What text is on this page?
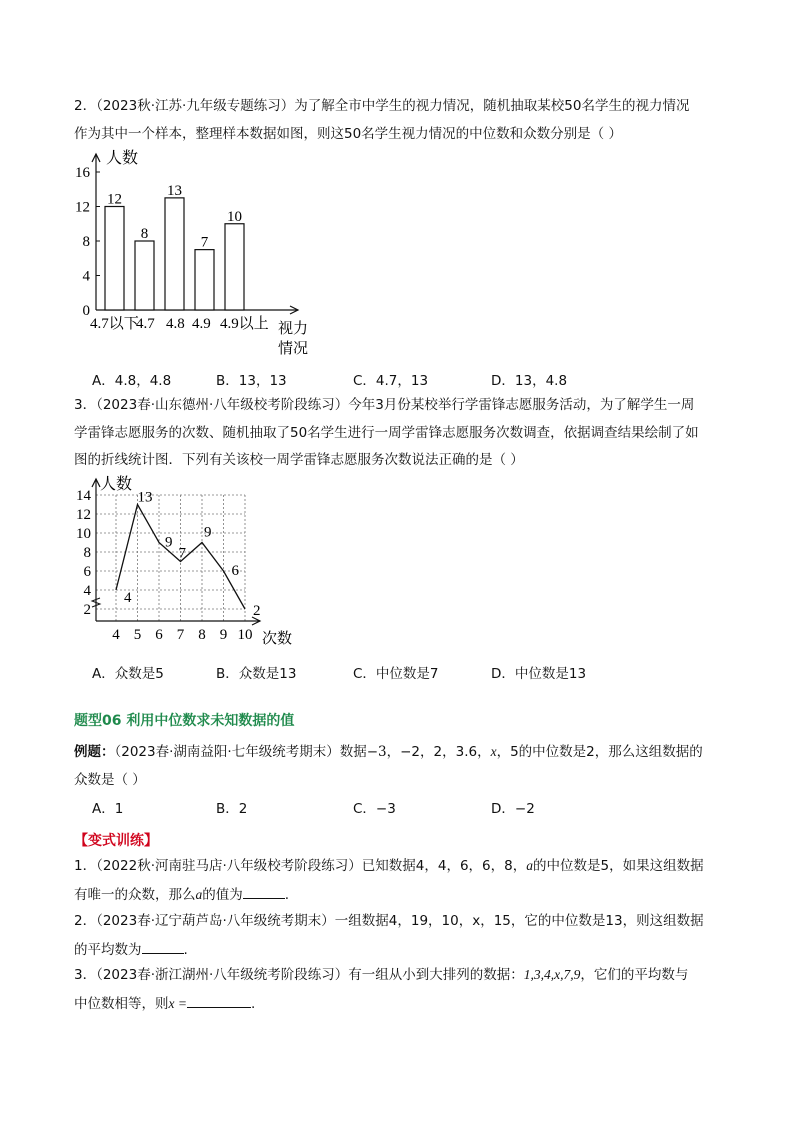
2．（2023秋·江苏·九年级专题练习）为了解全市中学生的视力情况，随机抽取某校50名学生的视力情况
作为其中一个样本，整理样本数据如图，则这50名学生视力情况的中位数和众数分别是（ ）
0
4
8
12
16
12
8
13
7
10
4.7以下
4.7 4.8 4.9 4.9以上
人数
视力
情况
A．4.8，4.8	B．13，13	C．4.7，13	D．13，4.8
3．（2023春·山东德州·八年级校考阶段练习）今年3月份某校举行学雷锋志愿服务活动，为了解学生一周
学雷锋志愿服务的次数、随机抽取了50名学生进行一周学雷锋志愿服务次数调查，依据调查结果绘制了如
图的折线统计图．下列有关该校一周学雷锋志愿服务次数说法正确的是（ ）
2
4
6
8
10
12
14
4 5 6 7 8 9 10
4
13
9
7
9
6
2
人数
次数
A．众数是5	B．众数是13	C．中位数是7	D．中位数是13
题型06 利用中位数求未知数据的值
例题：（2023春·湖南益阳·七年级统考期末）数据−3，−2，2，3.6，x，5的中位数是2，那么这组数据的
众数是（ ）
A．1	B．2	C．−3	D．−2
【变式训练】
1．（2022秋·河南驻马店·八年级校考阶段练习）已知数据4，4，6，6，8，a的中位数是5，如果这组数据
有唯一的众数，那么a的值为	.
2．（2023春·辽宁葫芦岛·八年级统考期末）一组数据4，19，10，x，15，它的中位数是13，则这组数据
的平均数为	.
3．（2023春·浙江湖州·八年级统考阶段练习）有一组从小到大排列的数据：1,3,4,x,7,9，它们的平均数与
中位数相等，则x =	.
